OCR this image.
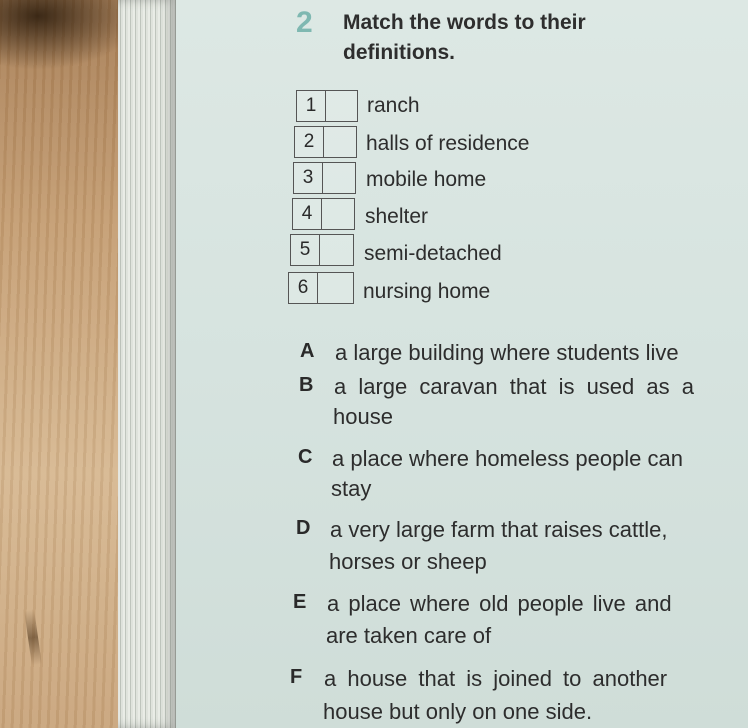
2 Match the words to their
definitions.
1	ranch
2	halls of residence
3	mobile home
4	shelter
5	semi-detached
6	nursing home
A a large building where students live
B a large caravan that is used as a
house
C a place where homeless people can
stay
D a very large farm that raises cattle,
horses or sheep
E a place where old people live and
are taken care of
F a house that is joined to another
house but only on one side.
